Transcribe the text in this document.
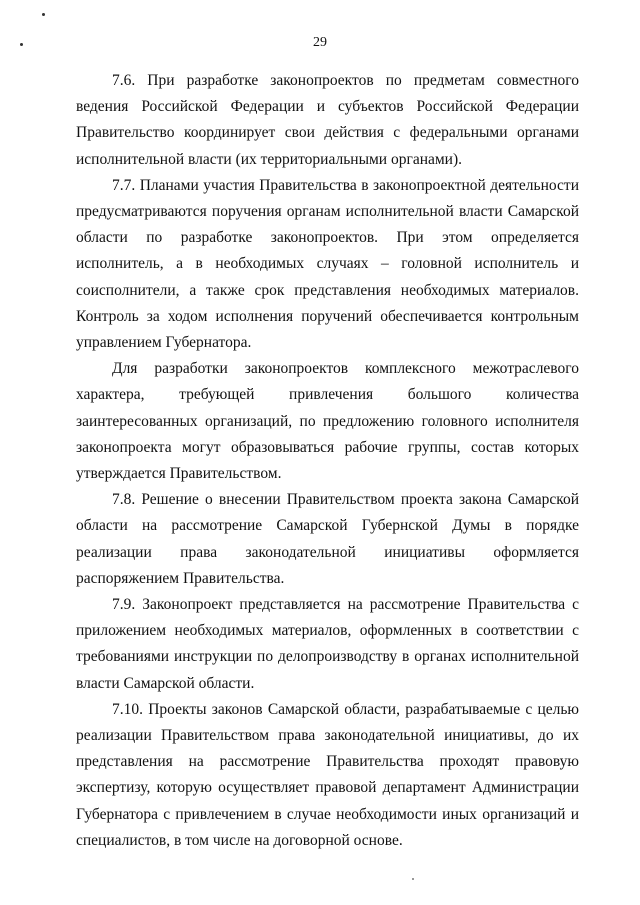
29

7.6. При разработке законопроектов по предметам совместного ведения Российской Федерации и субъектов Российской Федерации Правительство координирует свои действия с федеральными органами исполнительной власти (их территориальными органами).

7.7. Планами участия Правительства в законопроектной деятельности предусматриваются поручения органам исполнительной власти Самарской области по разработке законопроектов. При этом определяется исполнитель, а в необходимых случаях – головной исполнитель и соисполнители, а также срок представления необходимых материалов. Контроль за ходом исполнения поручений обеспечивается контрольным управлением Губернатора.

Для разработки законопроектов комплексного межотраслевого характера, требующей привлечения большого количества заинтересованных организаций, по предложению головного исполнителя законопроекта могут образовываться рабочие группы, состав которых утверждается Правительством.

7.8. Решение о внесении Правительством проекта закона Самарской области на рассмотрение Самарской Губернской Думы в порядке реализации права законодательной инициативы оформляется распоряжением Правительства.

7.9. Законопроект представляется на рассмотрение Правительства с приложением необходимых материалов, оформленных в соответствии с требованиями инструкции по делопроизводству в органах исполнительной власти Самарской области.

7.10. Проекты законов Самарской области, разрабатываемые с целью реализации Правительством права законодательной инициативы, до их представления на рассмотрение Правительства проходят правовую экспертизу, которую осуществляет правовой департамент Администрации Губернатора с привлечением в случае необходимости иных организаций и специалистов, в том числе на договорной основе.
